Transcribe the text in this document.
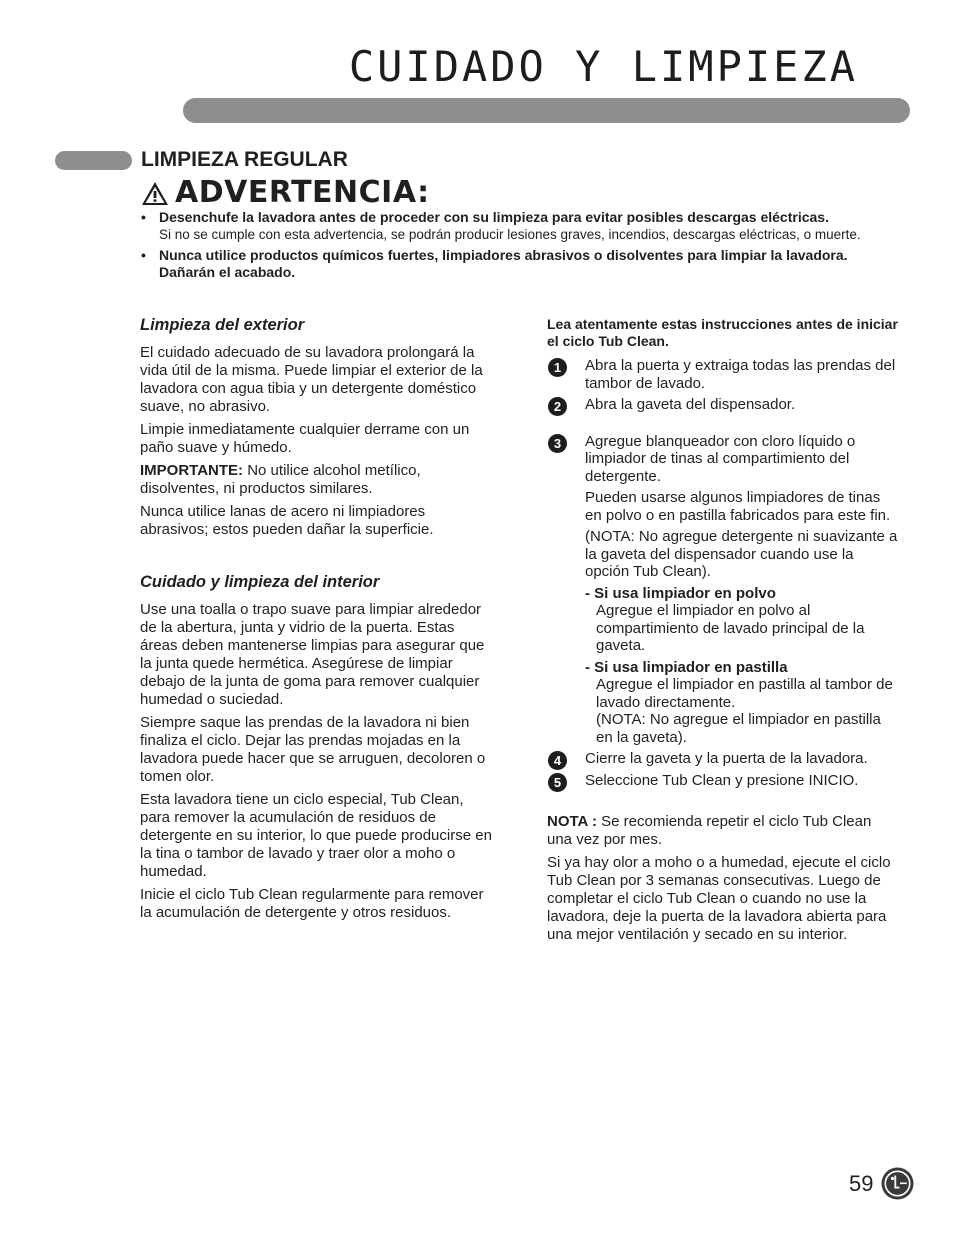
CUIDADO Y LIMPIEZA
LIMPIEZA REGULAR
ADVERTENCIA:
• Desenchufe la lavadora antes de proceder con su limpieza para evitar posibles descargas eléctricas.
Si no se cumple con esta advertencia, se podrán producir lesiones graves, incendios, descargas eléctricas, o muerte.
• Nunca utilice productos químicos fuertes, limpiadores abrasivos o disolventes para limpiar la lavadora. Dañarán el acabado.
Limpieza del exterior

El cuidado adecuado de su lavadora prolongará la vida útil de la misma. Puede limpiar el exterior de la lavadora con agua tibia y un detergente doméstico suave, no abrasivo.

Limpie inmediatamente cualquier derrame con un paño suave y húmedo.

IMPORTANTE: No utilice alcohol metílico, disolventes, ni productos similares.

Nunca utilice lanas de acero ni limpiadores abrasivos; estos pueden dañar la superficie.

Cuidado y limpieza del interior

Use una toalla o trapo suave para limpiar alrededor de la abertura, junta y vidrio de la puerta. Estas áreas deben mantenerse limpias para asegurar que la junta quede hermética. Asegúrese de limpiar debajo de la junta de goma para remover cualquier humedad o suciedad.

Siempre saque las prendas de la lavadora ni bien finaliza el ciclo. Dejar las prendas mojadas en la lavadora puede hacer que se arruguen, decoloren o tomen olor.

Esta lavadora tiene un ciclo especial, Tub Clean, para remover la acumulación de residuos de detergente en su interior, lo que puede producirse en la tina o tambor de lavado y traer olor a moho o humedad.

Inicie el ciclo Tub Clean regularmente para remover la acumulación de detergente y otros residuos.

Lea atentamente estas instrucciones antes de iniciar el ciclo Tub Clean.
1	Abra la puerta y extraiga todas las prendas del tambor de lavado.

2	Abra la gaveta del dispensador.

3	Agregue blanqueador con cloro líquido o limpiador de tinas al compartimiento del detergente.

Pueden usarse algunos limpiadores de tinas en polvo o en pastilla fabricados para este fin.

(NOTA: No agregue detergente ni suavizante a la gaveta del dispensador cuando use la opción Tub Clean).

- Si usa limpiador en polvo
Agregue el limpiador en polvo al compartimiento de lavado principal de la gaveta.
- Si usa limpiador en pastilla
Agregue el limpiador en pastilla al tambor de lavado directamente.
(NOTA: No agregue el limpiador en pastilla en la gaveta).
4	Cierre la gaveta y la puerta de la lavadora.

5	Seleccione Tub Clean y presione INICIO.

NOTA : Se recomienda repetir el ciclo Tub Clean una vez por mes.

Si ya hay olor a moho o a humedad, ejecute el ciclo Tub Clean por 3 semanas consecutivas. Luego de completar el ciclo Tub Clean o cuando no use la lavadora, deje la puerta de la lavadora abierta para una mejor ventilación y secado en su interior.

59
